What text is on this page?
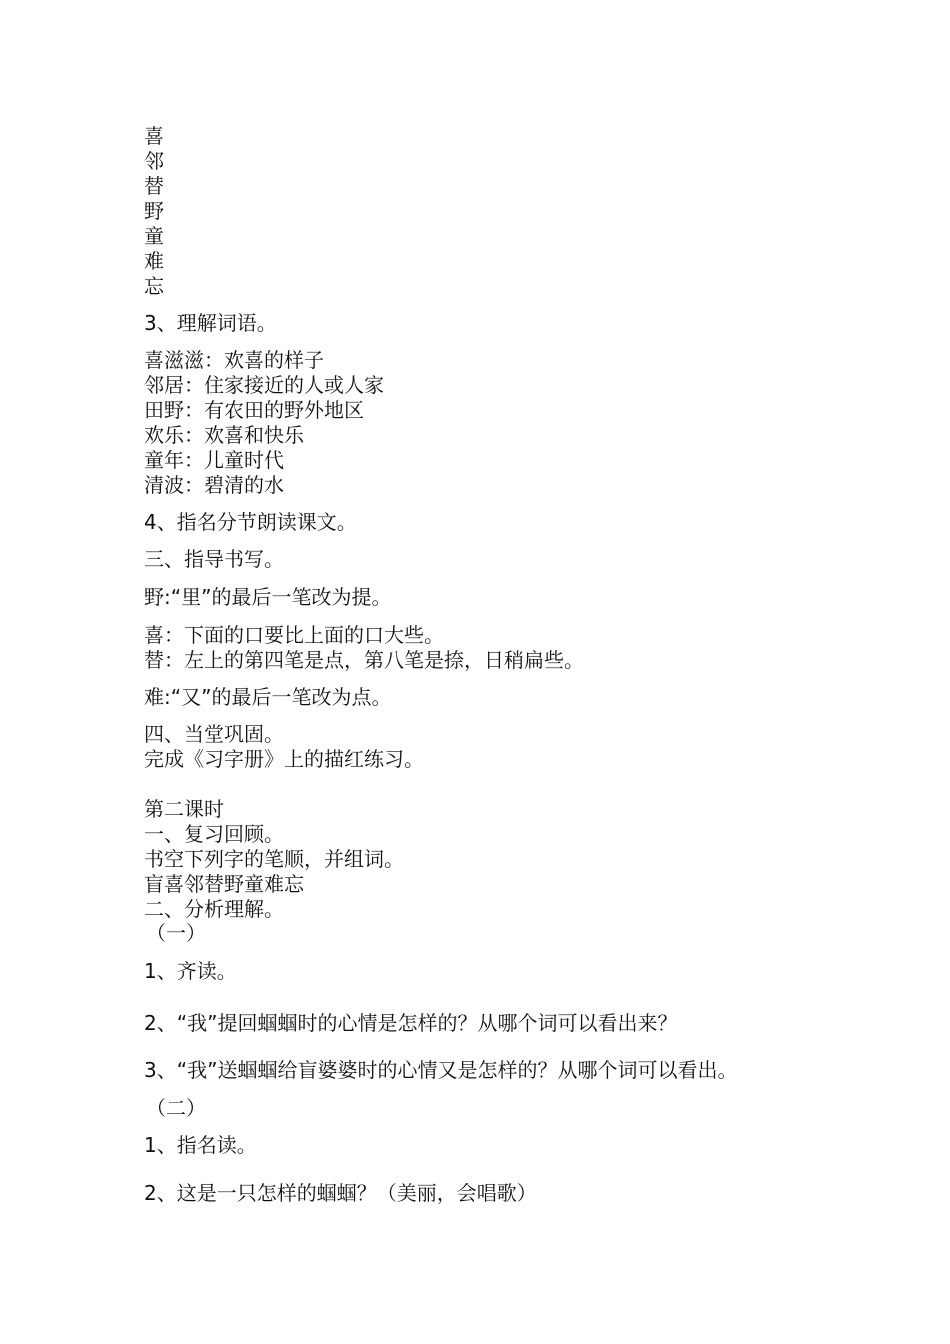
喜

邻

替

野

童

难

忘

3、理解词语。

喜滋滋：欢喜的样子

邻居：住家接近的人或人家

田野：有农田的野外地区

欢乐：欢喜和快乐

童年：儿童时代

清波：碧清的水

4、指名分节朗读课文。

三、指导书写。

野:“里”的最后一笔改为提。

喜：下面的口要比上面的口大些。

替：左上的第四笔是点，第八笔是捺，日稍扁些。

难:“又”的最后一笔改为点。

四、当堂巩固。

完成《习字册》上的描红练习。

第二课时

一、复习回顾。

书空下列字的笔顺，并组词。

盲喜邻替野童难忘

二、分析理解。

（一）

1、齐读。

2、“我”提回蝈蝈时的心情是怎样的？从哪个词可以看出来？

3、“我”送蝈蝈给盲婆婆时的心情又是怎样的？从哪个词可以看出。

（二）

1、指名读。

2、这是一只怎样的蝈蝈？（美丽，会唱歌）
